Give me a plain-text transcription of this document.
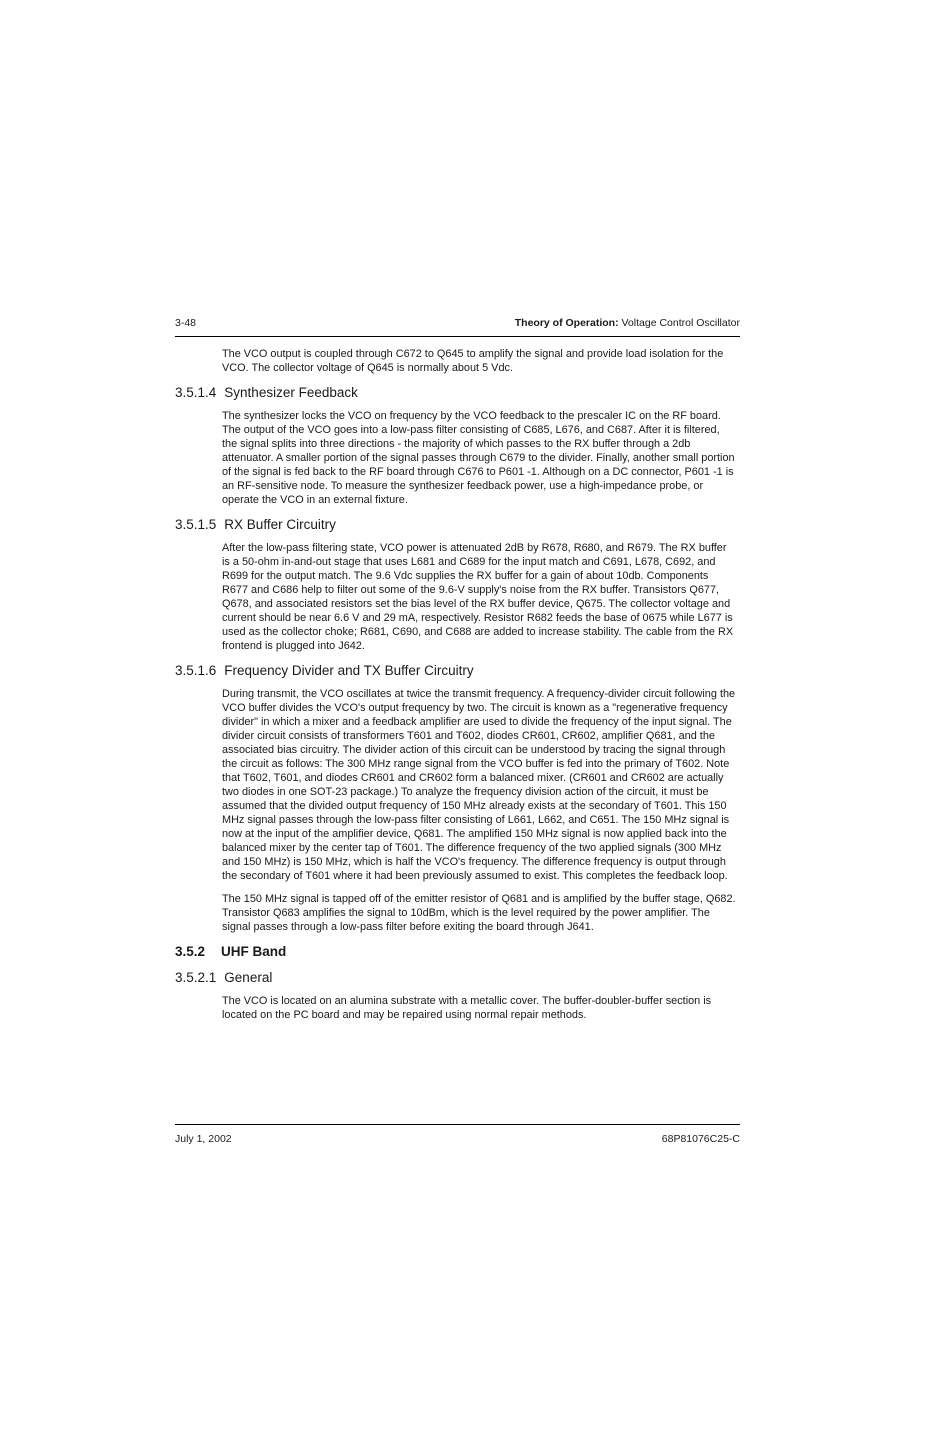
3-48	Theory of Operation: Voltage Control Oscillator

The VCO output is coupled through C672 to Q645 to amplify the signal and provide load isolation for the VCO. The collector voltage of Q645 is normally about 5 Vdc.

3.5.1.4 Synthesizer Feedback

The synthesizer locks the VCO on frequency by the VCO feedback to the prescaler IC on the RF board. The output of the VCO goes into a low-pass filter consisting of C685, L676, and C687. After it is filtered, the signal splits into three directions - the majority of which passes to the RX buffer through a 2db attenuator. A smaller portion of the signal passes through C679 to the divider. Finally, another small portion of the signal is fed back to the RF board through C676 to P601 -1. Although on a DC connector, P601 -1 is an RF-sensitive node. To measure the synthesizer feedback power, use a high-impedance probe, or operate the VCO in an external fixture.

3.5.1.5 RX Buffer Circuitry

After the low-pass filtering state, VCO power is attenuated 2dB by R678, R680, and R679. The RX buffer is a 50-ohm in-and-out stage that uses L681 and C689 for the input match and C691, L678, C692, and R699 for the output match. The 9.6 Vdc supplies the RX buffer for a gain of about 10db. Components R677 and C686 help to filter out some of the 9.6-V supply's noise from the RX buffer. Transistors Q677, Q678, and associated resistors set the bias level of the RX buffer device, Q675. The collector voltage and current should be near 6.6 V and 29 mA, respectively. Resistor R682 feeds the base of 0675 while L677 is used as the collector choke; R681, C690, and C688 are added to increase stability. The cable from the RX frontend is plugged into J642.

3.5.1.6 Frequency Divider and TX Buffer Circuitry

During transmit, the VCO oscillates at twice the transmit frequency. A frequency-divider circuit following the VCO buffer divides the VCO's output frequency by two. The circuit is known as a "regenerative frequency divider" in which a mixer and a feedback amplifier are used to divide the frequency of the input signal. The divider circuit consists of transformers T601 and T602, diodes CR601, CR602, amplifier Q681, and the associated bias circuitry. The divider action of this circuit can be understood by tracing the signal through the circuit as follows: The 300 MHz range signal from the VCO buffer is fed into the primary of T602. Note that T602, T601, and diodes CR601 and CR602 form a balanced mixer. (CR601 and CR602 are actually two diodes in one SOT-23 package.) To analyze the frequency division action of the circuit, it must be assumed that the divided output frequency of 150 MHz already exists at the secondary of T601. This 150 MHz signal passes through the low-pass filter consisting of L661, L662, and C651. The 150 MHz signal is now at the input of the amplifier device, Q681. The amplified 150 MHz signal is now applied back into the balanced mixer by the center tap of T601. The difference frequency of the two applied signals (300 MHz and 150 MHz) is 150 MHz, which is half the VCO's frequency. The difference frequency is output through the secondary of T601 where it had been previously assumed to exist. This completes the feedback loop.

The 150 MHz signal is tapped off of the emitter resistor of Q681 and is amplified by the buffer stage, Q682. Transistor Q683 amplifies the signal to 10dBm, which is the level required by the power amplifier. The signal passes through a low-pass filter before exiting the board through J641.

3.5.2 UHF Band
3.5.2.1 General

The VCO is located on an alumina substrate with a metallic cover. The buffer-doubler-buffer section is located on the PC board and may be repaired using normal repair methods.

July 1, 2002	68P81076C25-C
